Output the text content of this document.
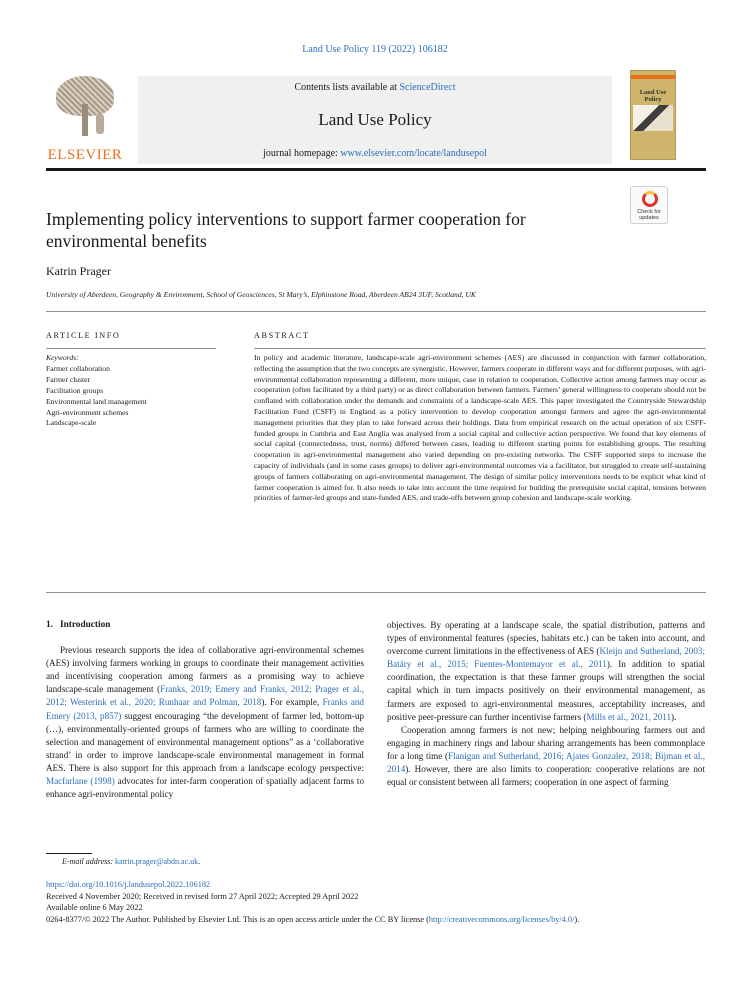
Land Use Policy 119 (2022) 106182
ELSEVIER
Contents lists available at ScienceDirect
Land Use Policy
journal homepage: www.elsevier.com/locate/landusepol
Land Use Policy
Check for updates
Implementing policy interventions to support farmer cooperation for environmental benefits
Katrin Prager
University of Aberdeen, Geography & Environment, School of Geosciences, St Mary’s, Elphinstone Road, Aberdeen AB24 3UF, Scotland, UK
ARTICLE INFO	ABSTRACT
Keywords:
Farmer collaboration
Farmer cluster
Facilitation groups
Environmental land management
Agri-environment schemes
Landscape-scale
In policy and academic literature, landscape-scale agri-environment schemes (AES) are discussed in conjunction with farmer collaboration, reflecting the assumption that the two concepts are synergistic. However, farmers cooperate in different ways and for different purposes, with agri-environmental collaboration representing a different, more unique, case in relation to cooperation. Collective action among farmers may occur as cooperation (often facilitated by a third party) or as direct collaboration between farmers. Farmers’ general willingness to cooperate should not be conflated with collaboration under the demands and constraints of a landscape-scale AES. This paper investigated the Countryside Stewardship Facilitation Fund (CSFF) in England as a policy intervention to develop cooperation amongst farmers and agree the agri-environmental management priorities that they plan to take forward across their holdings. Data from empirical research on the actual operation of six CSFF-funded groups in Cumbria and East Anglia was analysed from a social capital and collective action perspective. We found that key elements of social capital (connectedness, trust, norms) differed between cases, leading to different starting points for establishing groups. The resulting cooperation in agri-environmental management also varied depending on pre-existing networks. The CSFF supported steps to increase the capacity of individuals (and in some cases groups) to deliver agri-environmental outcomes via a facilitator, but struggled to create self-sustaining groups of farmers collaborating on agri-environmental management. The design of similar policy interventions needs to be explicit what kind of farmer cooperation is aimed for. It also needs to take into account the time required for building the prerequisite social capital, tensions between priorities of farmer-led groups and state-funded AES, and trade-offs between group cohesion and landscape-scale working.
1. Introduction

Previous research supports the idea of collaborative agri-environmental schemes (AES) involving farmers working in groups to coordinate their management activities and incentivising cooperation among farmers as a promising way to achieve landscape-scale management (Franks, 2019; Emery and Franks, 2012; Prager et al., 2012; Westerink et al., 2020; Runhaar and Polman, 2018). For example, Franks and Emery (2013, p857) suggest encouraging “the development of farmer led, bottom-up (…), environmentally-oriented groups of farmers who are willing to coordinate the selection and management of environmental management options” as a ‘collaborative strand’ in order to improve landscape-scale environmental management in formal AES. There is also support for this approach from a landscape ecology perspective: Macfarlane (1998) advocates for inter-farm cooperation of spatially adjacent farms to enhance agri-environmental policy

objectives. By operating at a landscape scale, the spatial distribution, patterns and types of environmental features (species, habitats etc.) can be taken into account, and overcome current limitations in the effectiveness of AES (Kleijn and Sutherland, 2003; Batáry et al., 2015; Fuentes-Montemayor et al., 2011). In addition to spatial coordination, the expectation is that these farmer groups will strengthen the social capital which in turn impacts positively on their environmental management, as farmers are exposed to agri-environmental measures, acceptability increases, and positive peer-pressure can further incentivise farmers (Mills et al., 2021, 2011).

Cooperation among farmers is not new; helping neighbouring farmers out and engaging in machinery rings and labour sharing arrangements has been commonplace for a long time (Flanigan and Sutherland, 2016; Ajates Gonzalez, 2018; Bijman et al., 2014). However, there are also limits to cooperation: cooperative relations are not equal or consistent between all farmers; cooperation in one aspect of farming

E-mail address: katrin.prager@abdn.ac.uk.
https://doi.org/10.1016/j.landusepol.2022.106182
Received 4 November 2020; Received in revised form 27 April 2022; Accepted 29 April 2022
Available online 6 May 2022
0264-8377/© 2022 The Author. Published by Elsevier Ltd. This is an open access article under the CC BY license (http://creativecommons.org/licenses/by/4.0/).
